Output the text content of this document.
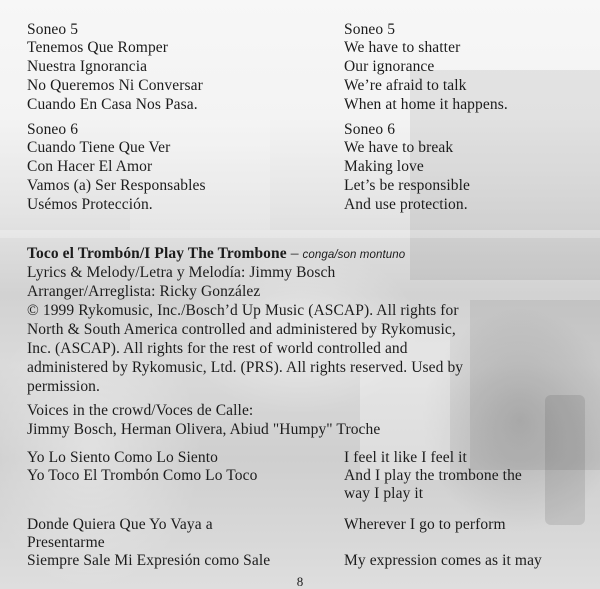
Soneo 5
Tenemos Que Romper
Nuestra Ignorancia
No Queremos Ni Conversar
Cuando En Casa Nos Pasa.
Soneo 5
We have to shatter
Our ignorance
We’re afraid to talk
When at home it happens.
Soneo 6
Cuando Tiene Que Ver
Con Hacer El Amor
Vamos (a) Ser Responsables
Usémos Protección.
Soneo 6
We have to break
Making love
Let’s be responsible
And use protection.
Toco el Trombón/I Play The Trombone – conga/son montuno
Lyrics & Melody/Letra y Melodía: Jimmy Bosch
Arranger/Arreglista: Ricky González
© 1999 Rykomusic, Inc./Bosch’d Up Music (ASCAP). All rights for
North & South America controlled and administered by Rykomusic,
Inc. (ASCAP). All rights for the rest of world controlled and
administered by Rykomusic, Ltd. (PRS). All rights reserved. Used by
permission.
Voices in the crowd/Voces de Calle:
Jimmy Bosch, Herman Olivera, Abiud "Humpy" Troche
Yo Lo Siento Como Lo Siento
Yo Toco El Trombón Como Lo Toco
I feel it like I feel it
And I play the trombone the
way I play it
Donde Quiera Que Yo Vaya a
Presentarme
Siempre Sale Mi Expresión como Sale
Wherever I go to perform
My expression comes as it may
8
